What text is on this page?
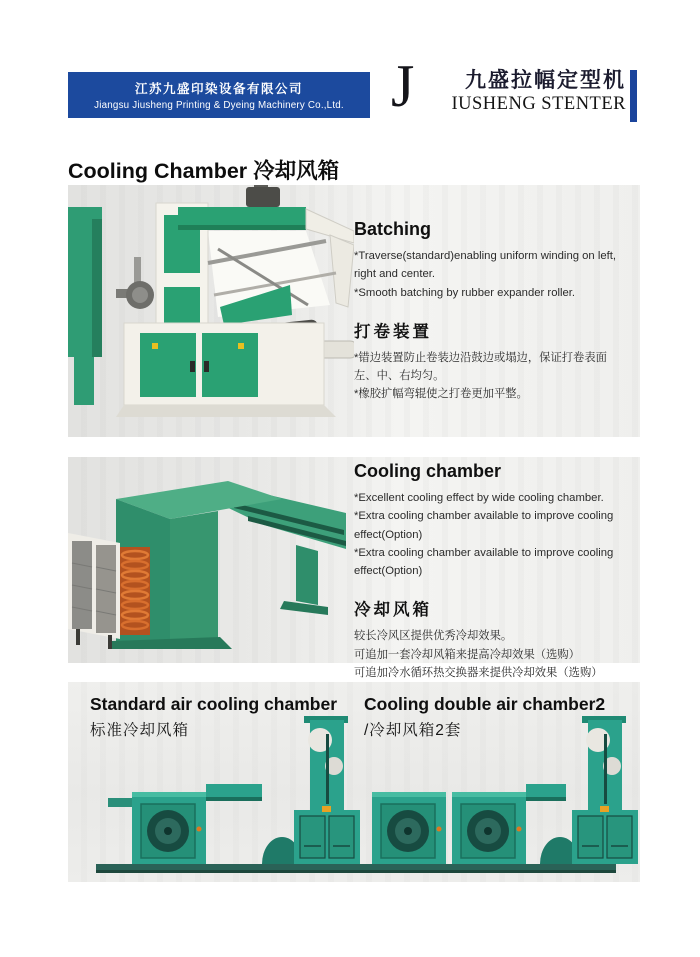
江苏九盛印染设备有限公司
Jiangsu Jiusheng Printing & Dyeing Machinery Co.,Ltd. J	九盛拉幅定型机
IUSHENG STENTER
Cooling Chamber 冷却风箱
Batching

*Traverse(standard)enabling uniform winding on left, right and center.

*Smooth batching by rubber expander roller.

打卷装置

*错边装置防止卷装边沿鼓边或塌边，保证打卷表面 左、中、右均匀。

*橡胶扩幅弯辊使之打卷更加平整。

Cooling chamber

*Excellent cooling effect by wide cooling chamber.

*Extra cooling chamber available to improve cooling effect(Option)

*Extra cooling chamber available to improve cooling effect(Option)

冷却风箱

较长冷风区提供优秀冷却效果。

可追加一套冷却风箱来提高冷却效果（选购）

可追加冷水循环热交换器来提供冷却效果（选购）

Standard air cooling chamber

标准冷却风箱

Cooling double air chamber2

/冷却风箱2套
